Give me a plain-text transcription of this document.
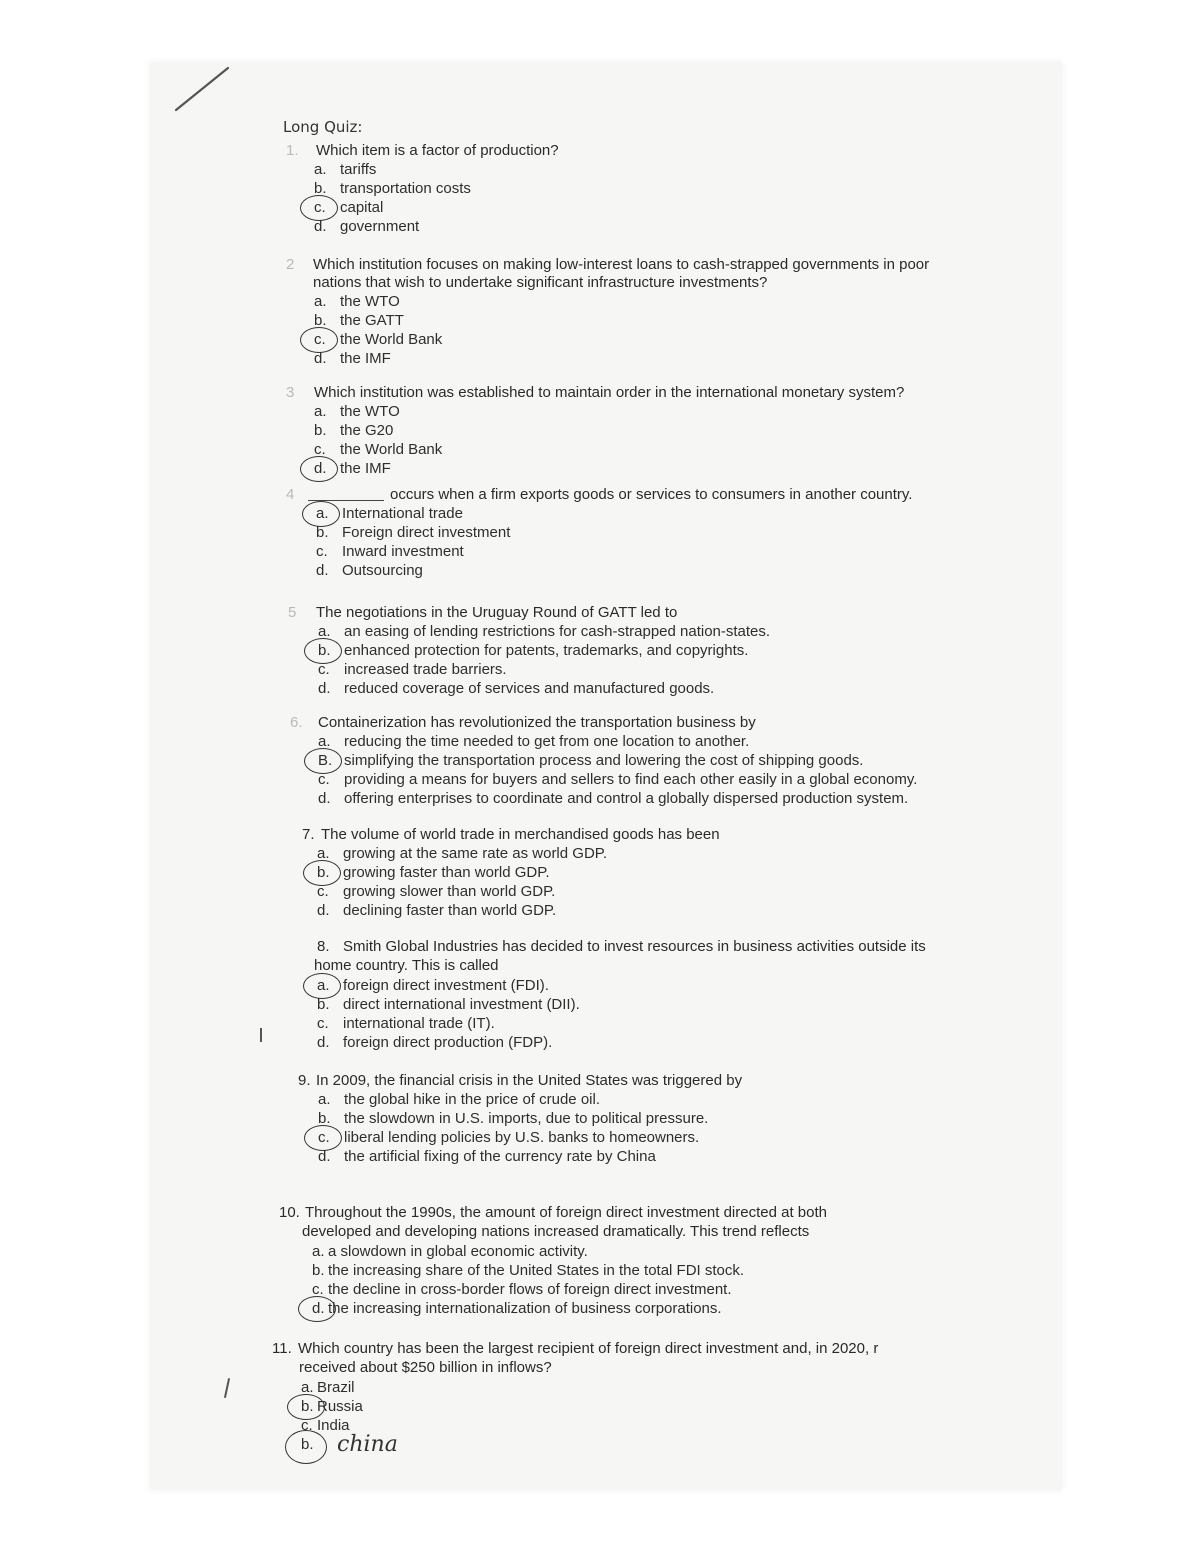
Long Quiz:
1. Which item is a factor of production?
a. tariffs
b. transportation costs
c. capital
d. government
2 Which institution focuses on making low-interest loans to cash-strapped governments in poor
nations that wish to undertake significant infrastructure investments?
a. the WTO
b. the GATT
c. the World Bank
d. the IMF
3 Which institution was established to maintain order in the international monetary system?
a. the WTO
b. the G20
c. the World Bank
d. the IMF
4	occurs when a firm exports goods or services to consumers in another country.
a. International trade
b. Foreign direct investment
c. Inward investment
d. Outsourcing
5 The negotiations in the Uruguay Round of GATT led to
a. an easing of lending restrictions for cash-strapped nation-states.
b. enhanced protection for patents, trademarks, and copyrights.
c. increased trade barriers.
d. reduced coverage of services and manufactured goods.
6. Containerization has revolutionized the transportation business by
a. reducing the time needed to get from one location to another.
B. simplifying the transportation process and lowering the cost of shipping goods.
c. providing a means for buyers and sellers to find each other easily in a global economy.
d. offering enterprises to coordinate and control a globally dispersed production system.
7. The volume of world trade in merchandised goods has been
a. growing at the same rate as world GDP.
b. growing faster than world GDP.
c. growing slower than world GDP.
d. declining faster than world GDP.
8. Smith Global Industries has decided to invest resources in business activities outside its
home country. This is called
a. foreign direct investment (FDI).
b. direct international investment (DII).
c. international trade (IT).
d. foreign direct production (FDP).
9. In 2009, the financial crisis in the United States was triggered by
a. the global hike in the price of crude oil.
b. the slowdown in U.S. imports, due to political pressure.
c. liberal lending policies by U.S. banks to homeowners.
d. the artificial fixing of the currency rate by China
10. Throughout the 1990s, the amount of foreign direct investment directed at both
developed and developing nations increased dramatically. This trend reflects
a. a slowdown in global economic activity.
b. the increasing share of the United States in the total FDI stock.
c. the decline in cross-border flows of foreign direct investment.
d. the increasing internationalization of business corporations.
11. Which country has been the largest recipient of foreign direct investment and, in 2020, r
received about $250 billion in inflows?
a. Brazil
b. Russia
c. India
b. china
